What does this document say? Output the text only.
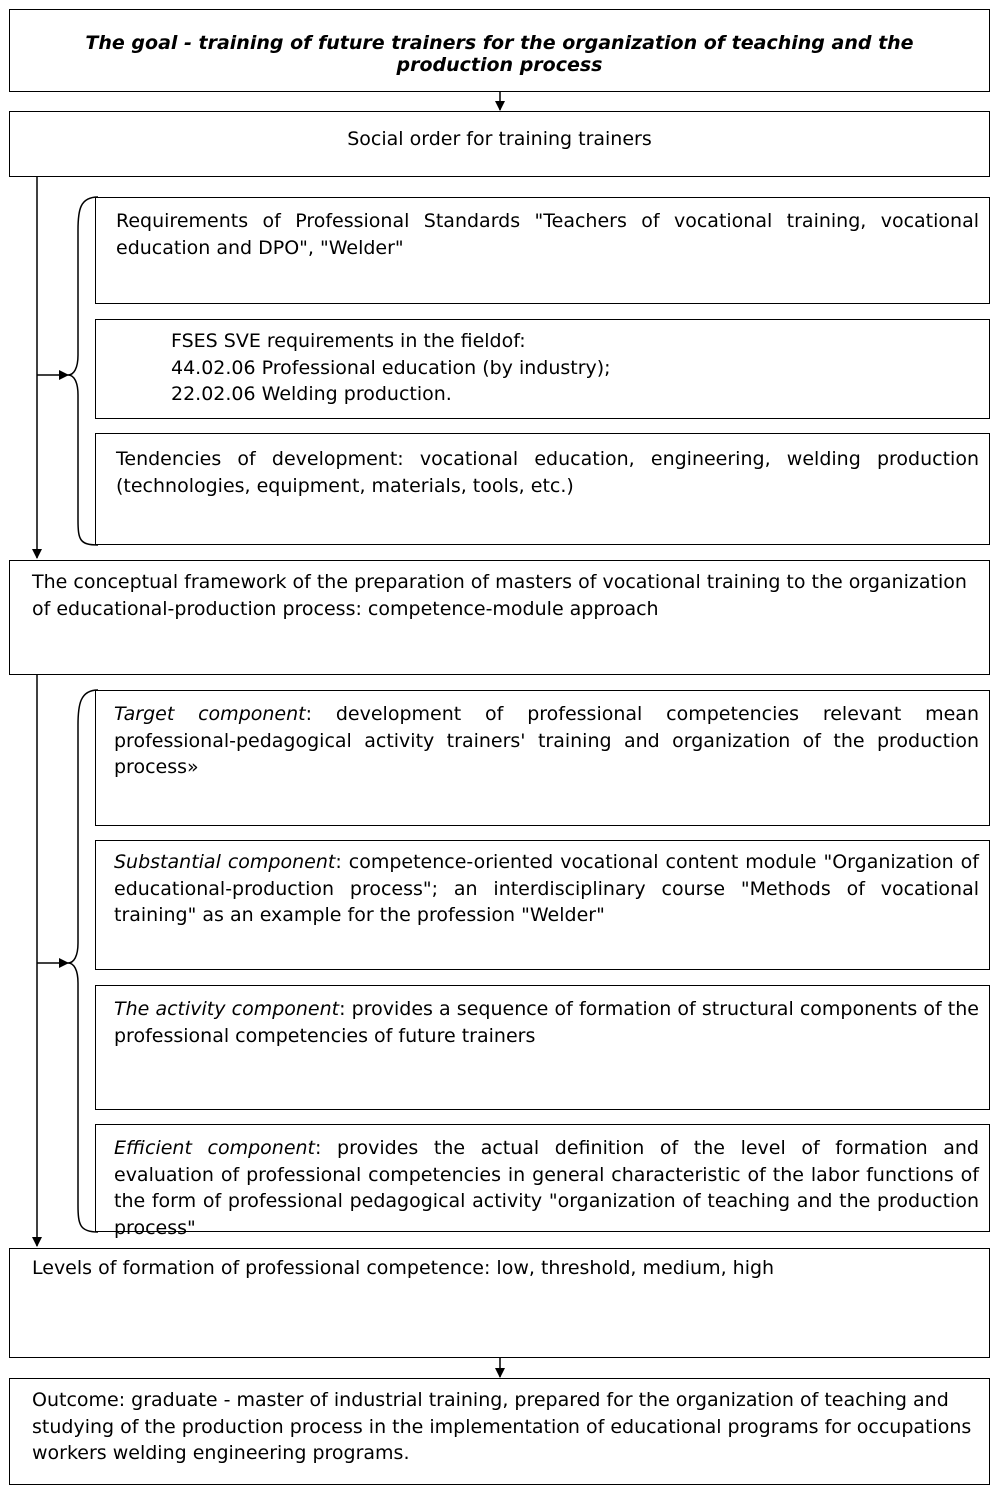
The goal - training of future trainers for the organization of teaching and the production process
Social order for training trainers
Requirements of Professional Standards "Teachers of vocational training, vocational education and DPO", "Welder"
FSES SVE requirements in the fieldof:
44.02.06 Professional education (by industry);
22.02.06 Welding production.
Tendencies of development: vocational education, engineering, welding production (technologies, equipment, materials, tools, etc.)
The conceptual framework of the preparation of masters of vocational training to the organization of educational-production process: competence-module approach
Target component: development of professional competencies relevant mean professional-pedagogical activity trainers' training and organization of the production process»
Substantial component: competence-oriented vocational content module "Organization of educational-production process"; an interdisciplinary course "Methods of vocational training" as an example for the profession "Welder"
The activity component: provides a sequence of formation of structural components of the professional competencies of future trainers
Efficient component: provides the actual definition of the level of formation and evaluation of professional competencies in general characteristic of the labor functions of the form of professional pedagogical activity "organization of teaching and the production process"
Levels of formation of professional competence: low, threshold, medium, high
Outcome: graduate - master of industrial training, prepared for the organization of teaching and studying of the production process in the implementation of educational programs for occupations workers welding engineering programs.
